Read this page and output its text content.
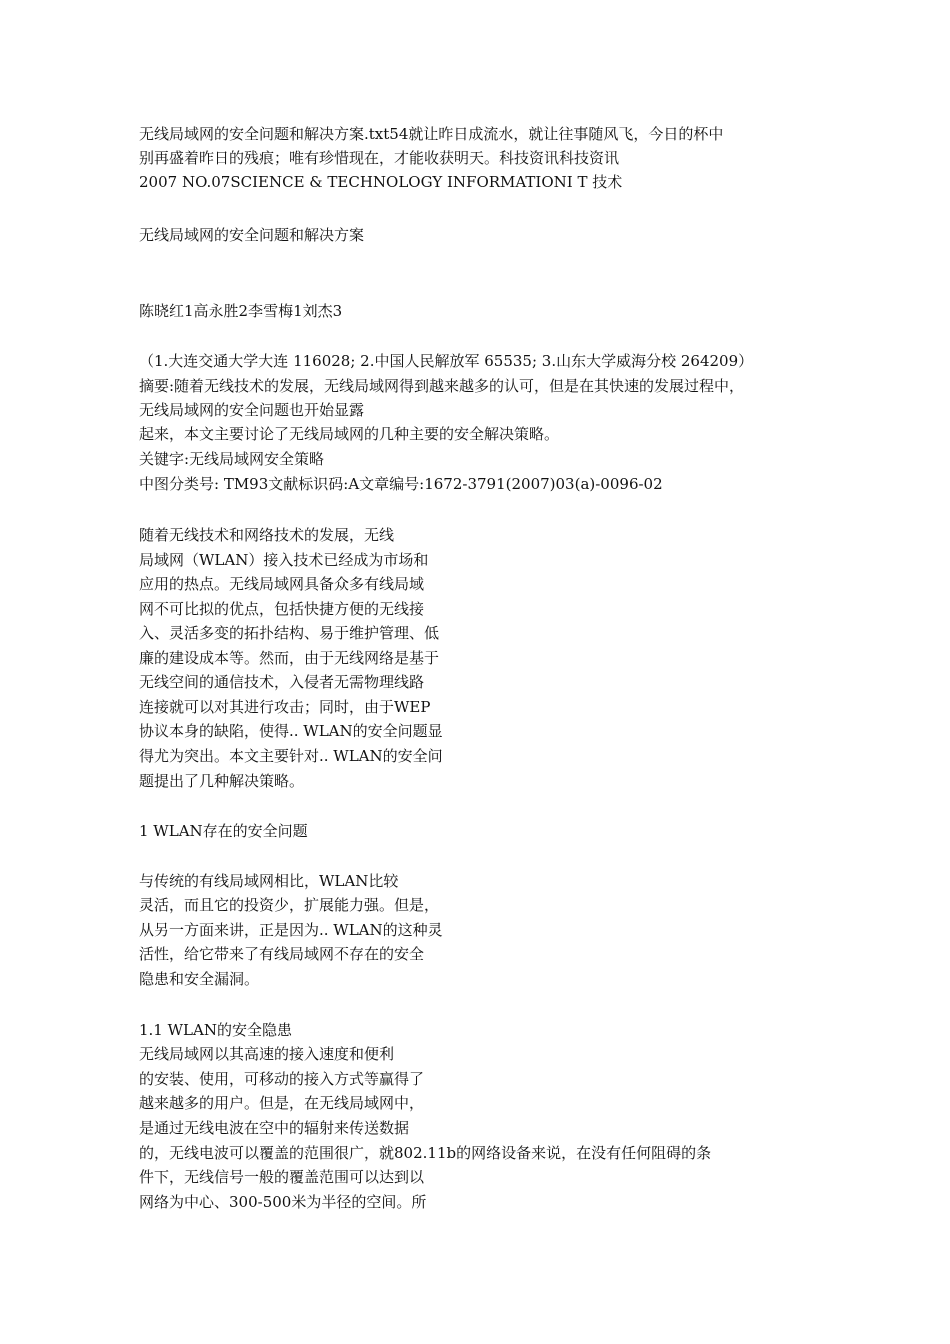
无线局域网的安全问题和解决方案.txt54就让昨日成流水，就让往事随风飞，今日的杯中
别再盛着昨日的残痕；唯有珍惜现在，才能收获明天。科技资讯科技资讯
2007 NO.07SCIENCE & TECHNOLOGY INFORMATIONI T 技术
无线局域网的安全问题和解决方案
陈晓红1高永胜2李雪梅1刘杰3
（1.大连交通大学大连 116028; 2.中国人民解放军 65535; 3.山东大学威海分校 264209）
摘要:随着无线技术的发展，无线局域网得到越来越多的认可，但是在其快速的发展过程中，
无线局域网的安全问题也开始显露
起来，本文主要讨论了无线局域网的几种主要的安全解决策略。
关键字:无线局域网安全策略
中图分类号: TM93文献标识码:A文章编号:1672-3791(2007)03(a)-0096-02
随着无线技术和网络技术的发展，无线
局域网（WLAN）接入技术已经成为市场和
应用的热点。无线局域网具备众多有线局域
网不可比拟的优点，包括快捷方便的无线接
入、灵活多变的拓扑结构、易于维护管理、低
廉的建设成本等。然而，由于无线网络是基于
无线空间的通信技术，入侵者无需物理线路
连接就可以对其进行攻击；同时，由于WEP
协议本身的缺陷，使得.. WLAN的安全问题显
得尤为突出。本文主要针对.. WLAN的安全问
题提出了几种解决策略。
1 WLAN存在的安全问题
与传统的有线局域网相比，WLAN比较
灵活，而且它的投资少，扩展能力强。但是，
从另一方面来讲，正是因为.. WLAN的这种灵
活性，给它带来了有线局域网不存在的安全
隐患和安全漏洞。
1.1 WLAN的安全隐患
无线局域网以其高速的接入速度和便利
的安装、使用，可移动的接入方式等赢得了
越来越多的用户。但是，在无线局域网中，
是通过无线电波在空中的辐射来传送数据
的，无线电波可以覆盖的范围很广，就802.11b的网络设备来说，在没有任何阻碍的条
件下，无线信号一般的覆盖范围可以达到以
网络为中心、300-500米为半径的空间。所
